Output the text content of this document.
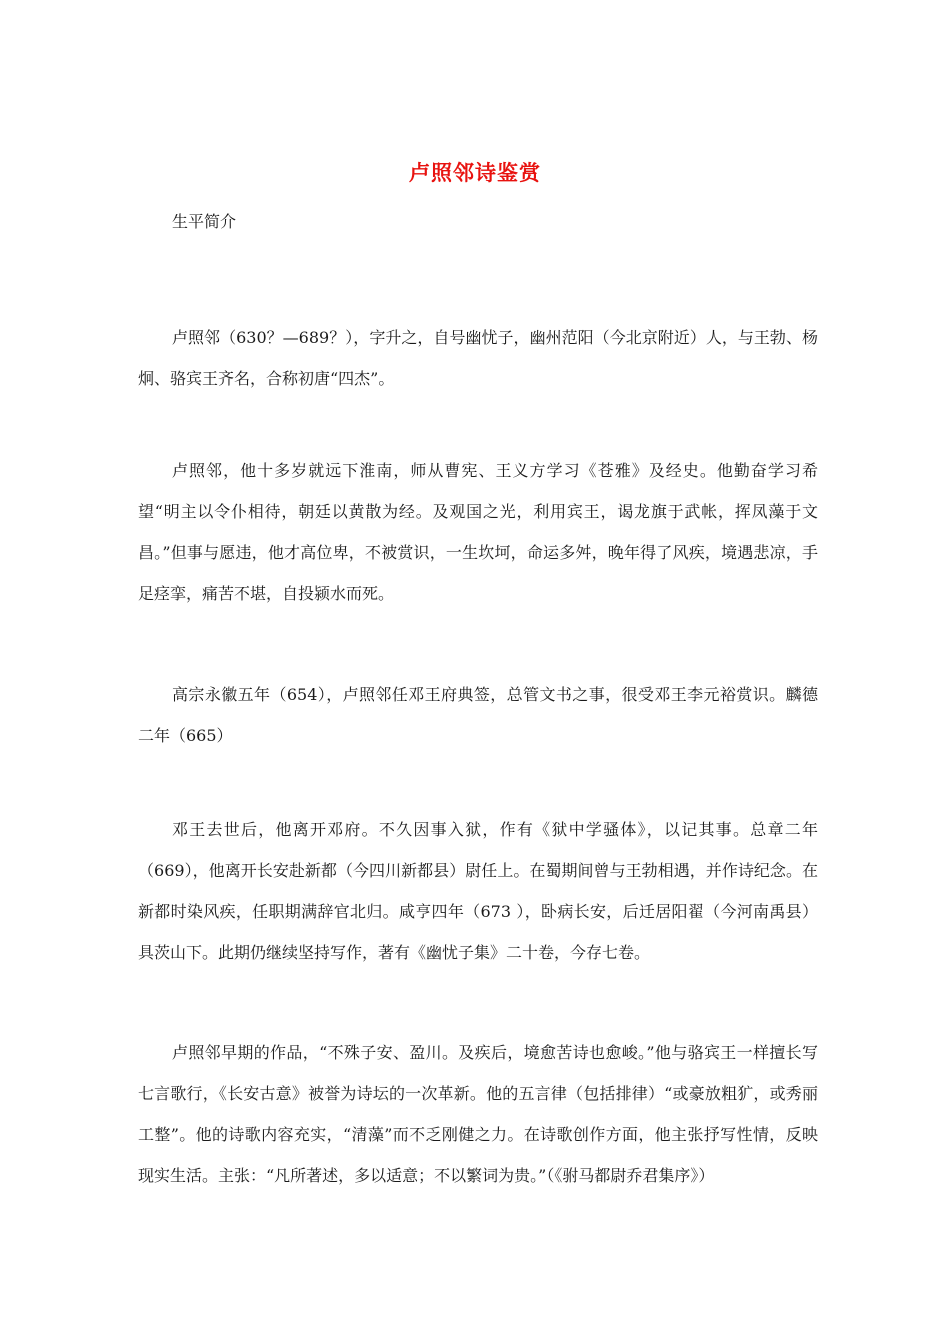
卢照邻诗鉴赏
生平简介

卢照邻（630？—689？），字升之，自号幽忧子，幽州范阳（今北京附近）人，与王勃、杨炯、骆宾王齐名，合称初唐“四杰”。

卢照邻，他十多岁就远下淮南，师从曹宪、王义方学习《苍雅》及经史。他勤奋学习希望“明主以令仆相待，朝廷以黄散为经。及观国之光，利用宾王，谒龙旗于武帐，挥凤藻于文昌。”但事与愿违，他才高位卑，不被赏识，一生坎坷，命运多舛，晚年得了风疾，境遇悲凉，手足痉挛，痛苦不堪，自投颍水而死。

高宗永徽五年（654），卢照邻任邓王府典签，总管文书之事，很受邓王李元裕赏识。麟德二年（665）

邓王去世后，他离开邓府。不久因事入狱，作有《狱中学骚体》，以记其事。总章二年（669），他离开长安赴新都（今四川新都县）尉任上。在蜀期间曾与王勃相遇，并作诗纪念。在新都时染风疾，任职期满辞官北归。咸亨四年（673 ），卧病长安，后迁居阳翟（今河南禹县）具茨山下。此期仍继续坚持写作，著有《幽忧子集》二十卷，今存七卷。

卢照邻早期的作品，“不殊子安、盈川。及疾后，境愈苦诗也愈峻。”他与骆宾王一样擅长写七言歌行，《长安古意》被誉为诗坛的一次革新。他的五言律（包括排律）“或豪放粗犷，或秀丽工整”。他的诗歌内容充实，“清藻”而不乏刚健之力。在诗歌创作方面，他主张抒写性情，反映现实生活。主张：“凡所著述，多以适意；不以繁词为贵。”（《驸马都尉乔君集序》）
